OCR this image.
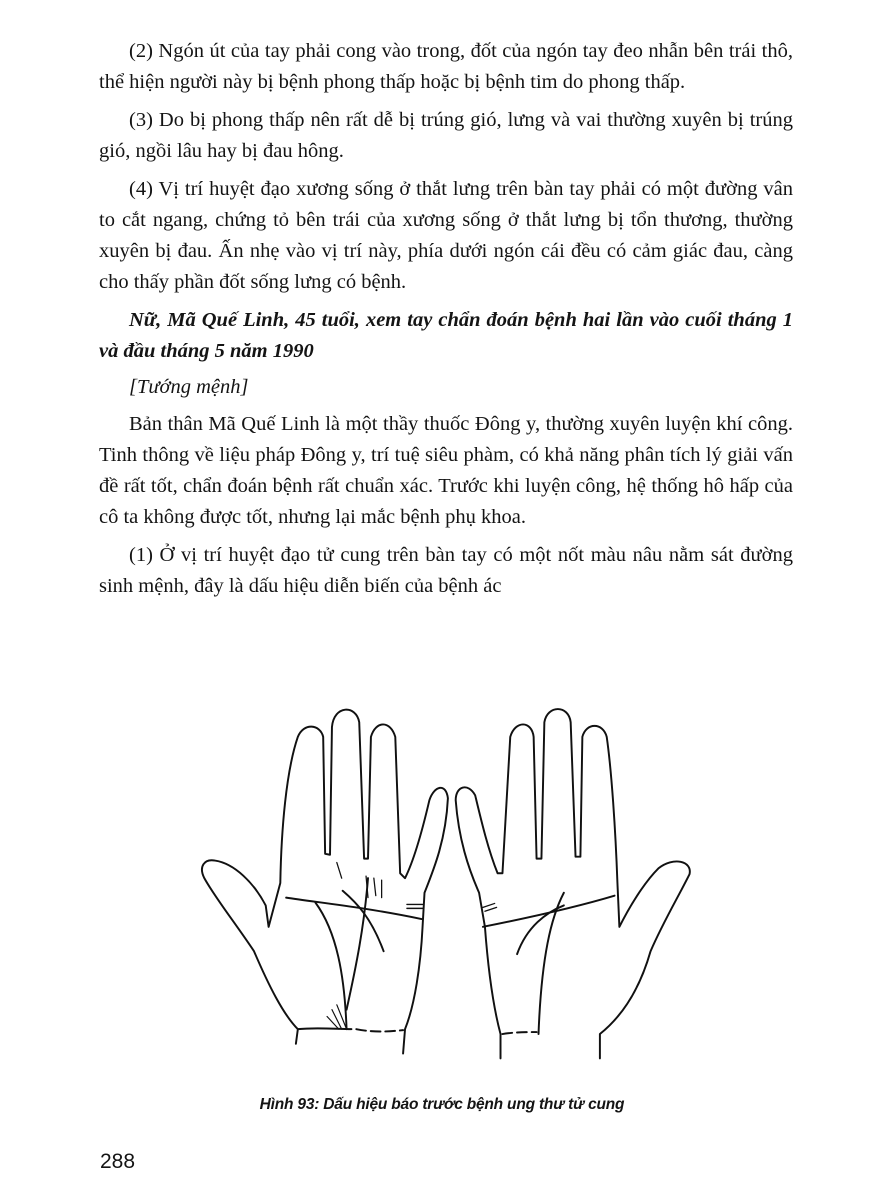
(2) Ngón út của tay phải cong vào trong, đốt của ngón tay đeo nhẫn bên trái thô, thể hiện người này bị bệnh phong thấp hoặc bị bệnh tim do phong thấp.

(3) Do bị phong thấp nên rất dễ bị trúng gió, lưng và vai thường xuyên bị trúng gió, ngồi lâu hay bị đau hông.

(4) Vị trí huyệt đạo xương sống ở thắt lưng trên bàn tay phải có một đường vân to cắt ngang, chứng tỏ bên trái của xương sống ở thắt lưng bị tổn thương, thường xuyên bị đau. Ấn nhẹ vào vị trí này, phía dưới ngón cái đều có cảm giác đau, càng cho thấy phần đốt sống lưng có bệnh.

Nữ, Mã Quế Linh, 45 tuổi, xem tay chẩn đoán bệnh hai lần vào cuối tháng 1 và đầu tháng 5 năm 1990

[Tướng mệnh]

Bản thân Mã Quế Linh là một thầy thuốc Đông y, thường xuyên luyện khí công. Tinh thông về liệu pháp Đông y, trí tuệ siêu phàm, có khả năng phân tích lý giải vấn đề rất tốt, chẩn đoán bệnh rất chuẩn xác. Trước khi luyện công, hệ thống hô hấp của cô ta không được tốt, nhưng lại mắc bệnh phụ khoa.

(1) Ở vị trí huyệt đạo tử cung trên bàn tay có một nốt màu nâu nằm sát đường sinh mệnh, đây là dấu hiệu diễn biến của bệnh ác

Hình 93: Dấu hiệu báo trước bệnh ung thư tử cung
288
